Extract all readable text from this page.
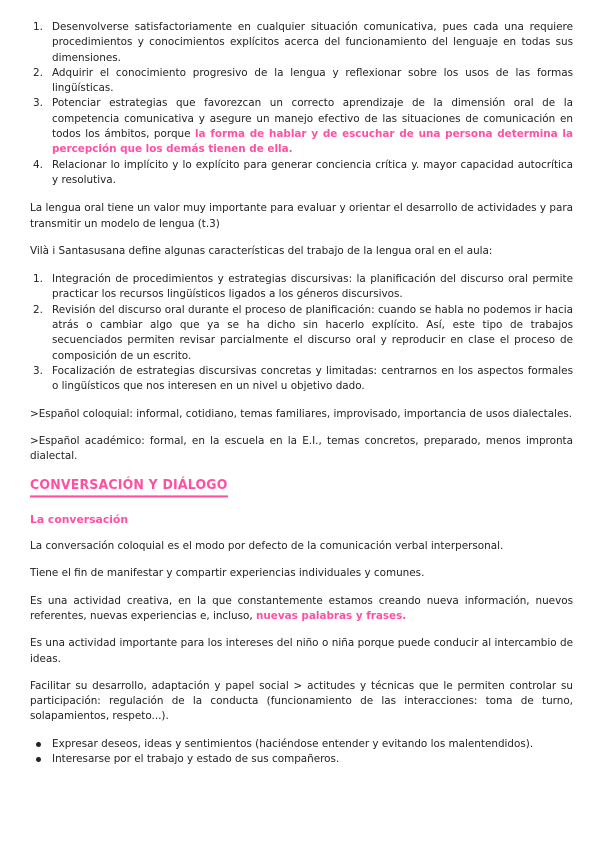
1. Desenvolverse satisfactoriamente en cualquier situación comunicativa, pues cada una requiere procedimientos y conocimientos explícitos acerca del funcionamiento del lenguaje en todas sus dimensiones.
2. Adquirir el conocimiento progresivo de la lengua y reflexionar sobre los usos de las formas lingüísticas.
3. Potenciar estrategias que favorezcan un correcto aprendizaje de la dimensión oral de la competencia comunicativa y asegure un manejo efectivo de las situaciones de comunicación en todos los ámbitos, porque la forma de hablar y de escuchar de una persona determina la percepción que los demás tienen de ella.
4. Relacionar lo implícito y lo explícito para generar conciencia crítica y. mayor capacidad autocrítica y resolutiva.

La lengua oral tiene un valor muy importante para evaluar y orientar el desarrollo de actividades y para transmitir un modelo de lengua (t.3)

Vilà i Santasusana define algunas características del trabajo de la lengua oral en el aula:

1. Integración de procedimientos y estrategias discursivas: la planificación del discurso oral permite practicar los recursos lingüísticos ligados a los géneros discursivos.
2. Revisión del discurso oral durante el proceso de planificación: cuando se habla no podemos ir hacia atrás o cambiar algo que ya se ha dicho sin hacerlo explícito. Así, este tipo de trabajos secuenciados permiten revisar parcialmente el discurso oral y reproducir en clase el proceso de composición de un escrito.
3. Focalización de estrategias discursivas concretas y limitadas: centrarnos en los aspectos formales o lingüísticos que nos interesen en un nivel u objetivo dado.

>Español coloquial: informal, cotidiano, temas familiares, improvisado, importancia de usos dialectales.

>Español académico: formal, en la escuela en la E.I., temas concretos, preparado, menos impronta dialectal.

CONVERSACIÓN Y DIÁLOGO

La conversación

La conversación coloquial es el modo por defecto de la comunicación verbal interpersonal.

Tiene el fin de manifestar y compartir experiencias individuales y comunes.

Es una actividad creativa, en la que constantemente estamos creando nueva información, nuevos referentes, nuevas experiencias e, incluso, nuevas palabras y frases.

Es una actividad importante para los intereses del niño o niña porque puede conducir al intercambio de ideas.

Facilitar su desarrollo, adaptación y papel social > actitudes y técnicas que le permiten controlar su participación: regulación de la conducta (funcionamiento de las interacciones: toma de turno, solapamientos, respeto...).

Expresar deseos, ideas y sentimientos (haciéndose entender y evitando los malentendidos).
Interesarse por el trabajo y estado de sus compañeros.
